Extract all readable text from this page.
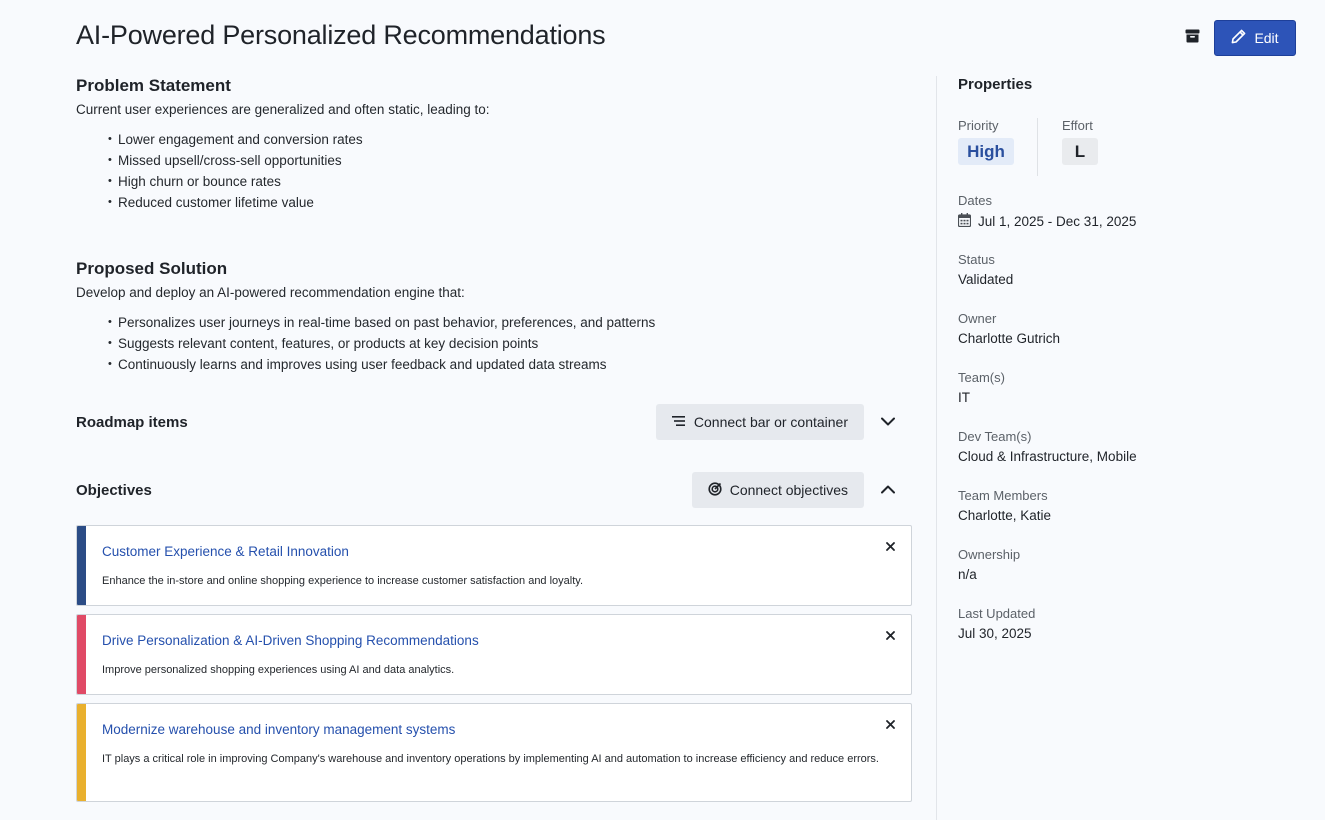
AI-Powered Personalized Recommendations	Edit
Problem Statement

Current user experiences are generalized and often static, leading to:

• Lower engagement and conversion rates
• Missed upsell/cross-sell opportunities
• High churn or bounce rates
• Reduced customer lifetime value
Proposed Solution

Develop and deploy an AI-powered recommendation engine that:

• Personalizes user journeys in real-time based on past behavior, preferences, and patterns
• Suggests relevant content, features, or products at key decision points
• Continuously learns and improves using user feedback and updated data streams
Roadmap items	Connect bar or container
Objectives	Connect objectives
Customer Experience & Retail Innovation

Enhance the in-store and online shopping experience to increase customer satisfaction and loyalty.

Drive Personalization & AI-Driven Shopping Recommendations

Improve personalized shopping experiences using AI and data analytics.

Modernize warehouse and inventory management systems

IT plays a critical role in improving Company's warehouse and inventory operations by implementing AI and automation to increase efficiency and reduce errors.

Properties
Priority
High
Effort
L
Dates
Jul 1, 2025 - Dec 31, 2025
Status
Validated
Owner
Charlotte Gutrich
Team(s)
IT
Dev Team(s)
Cloud & Infrastructure, Mobile
Team Members
Charlotte, Katie
Ownership
n/a
Last Updated
Jul 30, 2025
